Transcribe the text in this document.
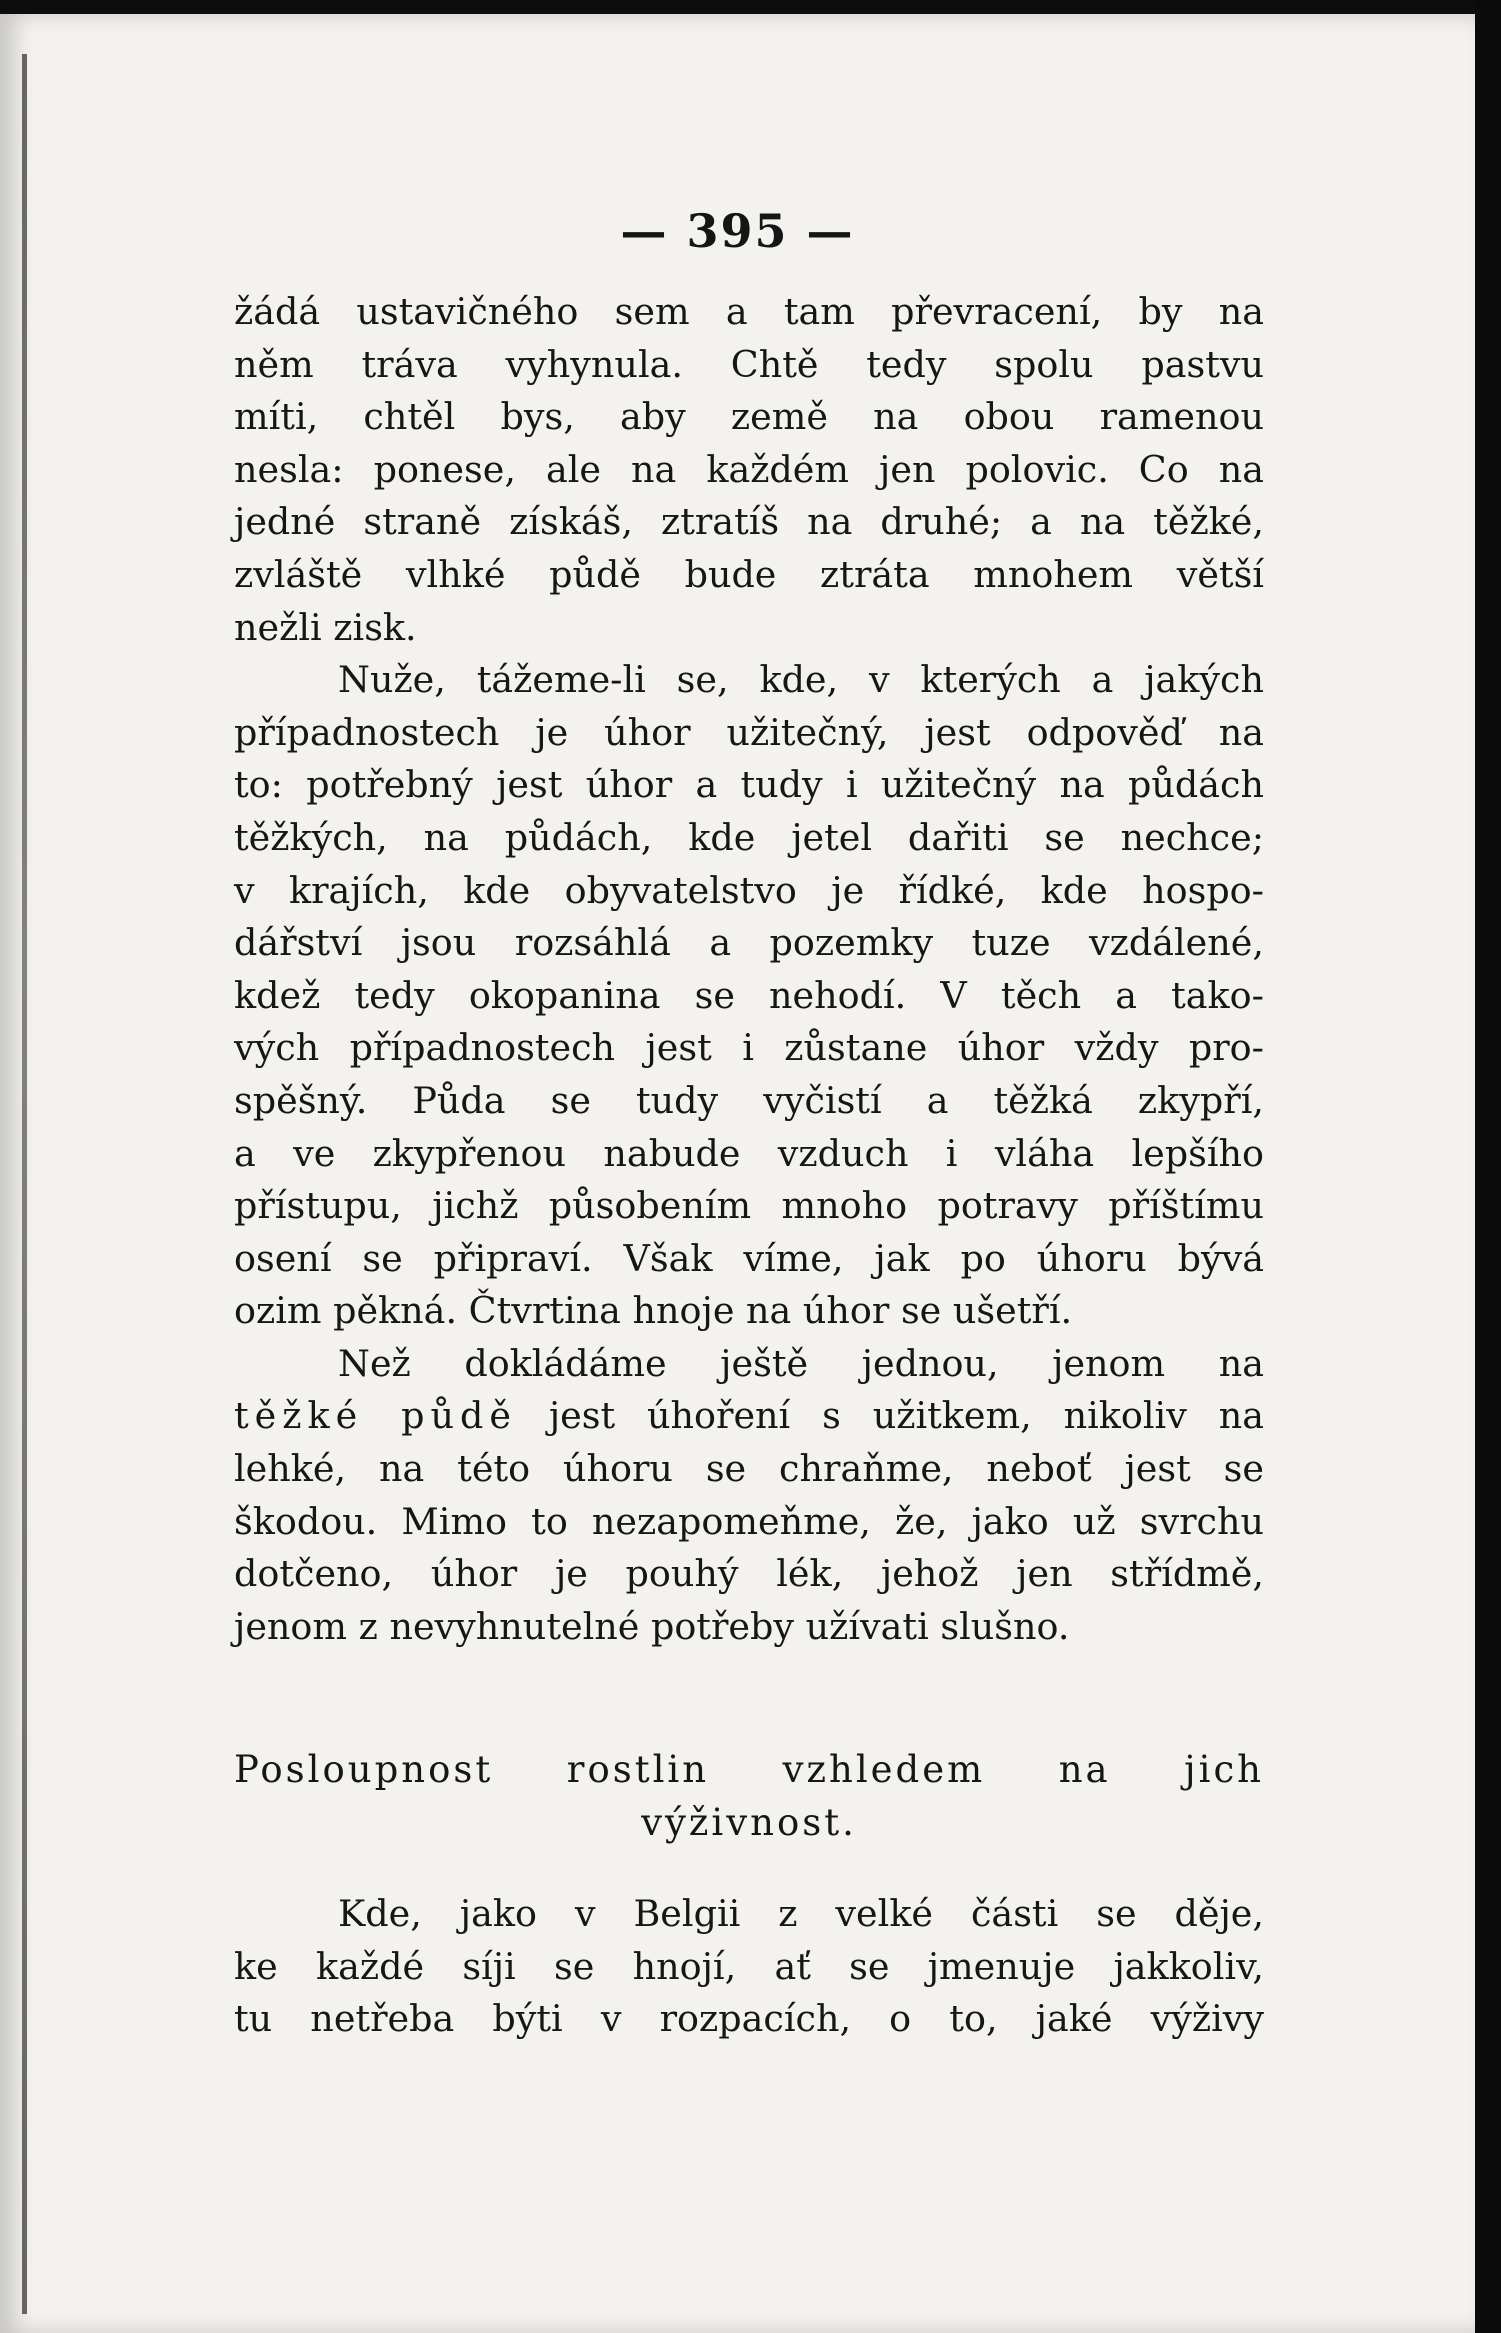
— 395 —
žádá ustavičného sem a tam převracení, by na
něm tráva vyhynula. Chtě tedy spolu pastvu
míti, chtěl bys, aby země na obou ramenou
nesla: ponese, ale na každém jen polovic. Co na
jedné straně získáš, ztratíš na druhé; a na těžké,
zvláště vlhké půdě bude ztráta mnohem větší
nežli zisk.
Nuže, tážeme-li se, kde, v kterých a jakých
případnostech je úhor užitečný, jest odpověď na
to: potřebný jest úhor a tudy i užitečný na půdách
těžkých, na půdách, kde jetel dařiti se nechce;
v krajích, kde obyvatelstvo je řídké, kde hospo-
dářství jsou rozsáhlá a pozemky tuze vzdálené,
kdež tedy okopanina se nehodí. V těch a tako-
vých případnostech jest i zůstane úhor vždy pro-
spěšný. Půda se tudy vyčistí a těžká zkypří,
a ve zkypřenou nabude vzduch i vláha lepšího
přístupu, jichž působením mnoho potravy příštímu
osení se připraví. Však víme, jak po úhoru bývá
ozim pěkná. Čtvrtina hnoje na úhor se ušetří.
Než dokládáme ještě jednou, jenom na
těžké půdě jest úhoření s užitkem, nikoliv na
lehké, na této úhoru se chraňme, neboť jest se
škodou. Mimo to nezapomeňme, že, jako už svrchu
dotčeno, úhor je pouhý lék, jehož jen střídmě,
jenom z nevyhnutelné potřeby užívati slušno.
Posloupnost rostlin vzhledem na jich
výživnost.
Kde, jako v Belgii z velké části se děje,
ke každé síji se hnojí, ať se jmenuje jakkoliv,
tu netřeba býti v rozpacích, o to, jaké výživy
